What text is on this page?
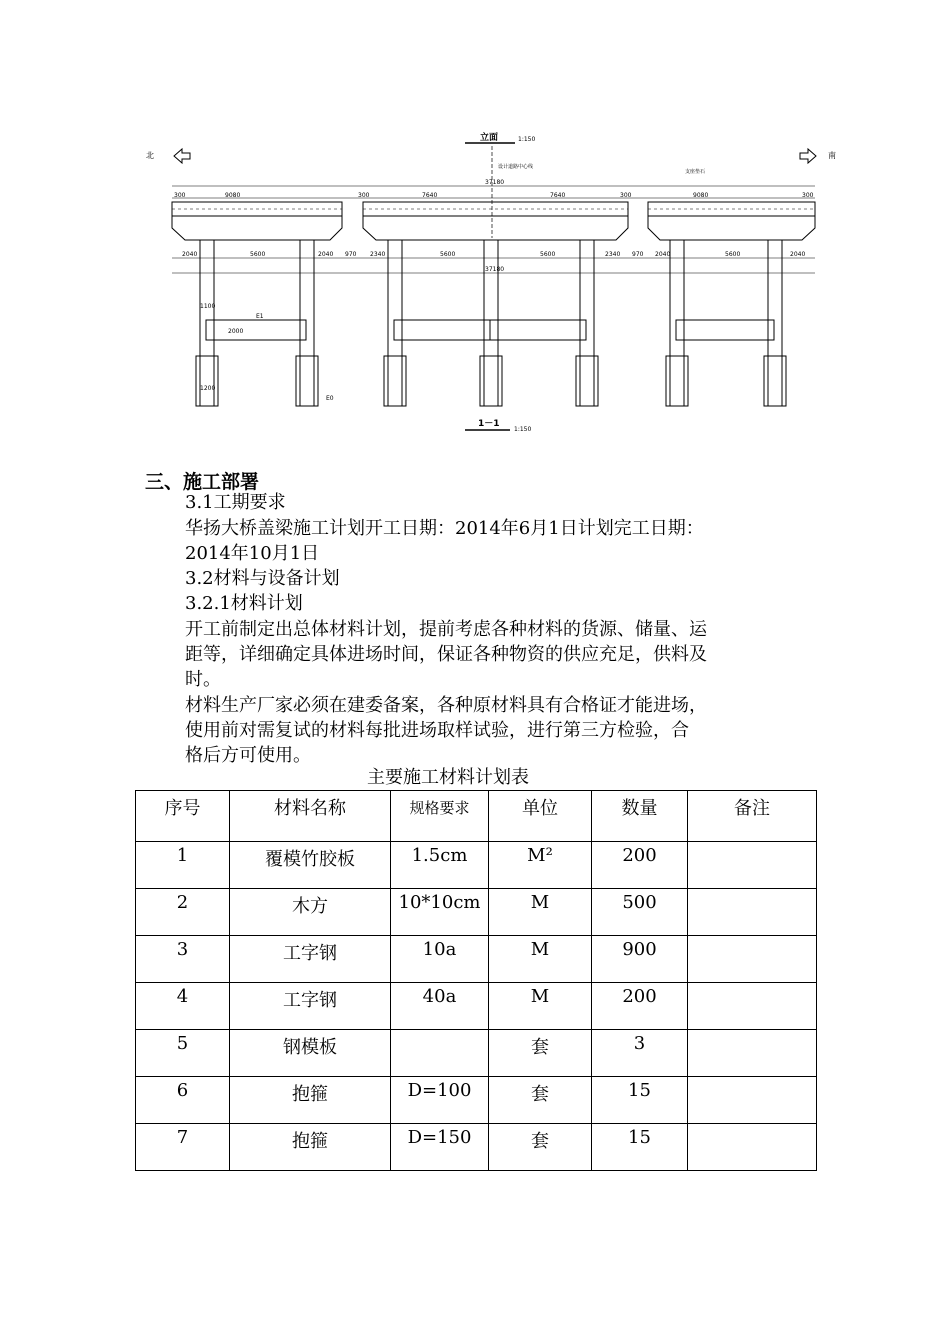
立面	1:150
北	南
设计道路中心线
支座垫石
37180
300	9080	300	7640	7640	300	9080	300
2040	5600	2040 970 2340	5600	5600	2340 970 2040	5600	2040
37180
1100
2000
1200
E0
E1
1－1
1:150
三、施工部署
3.1工期要求
华扬大桥盖梁施工计划开工日期：2014年6月1日计划完工日期：
2014年10月1日
3.2材料与设备计划
3.2.1材料计划
开工前制定出总体材料计划，提前考虑各种材料的货源、储量、运
距等，详细确定具体进场时间，保证各种物资的供应充足，供料及
时。
材料生产厂家必须在建委备案，各种原材料具有合格证才能进场，
使用前对需复试的材料每批进场取样试验，进行第三方检验，合
格后方可使用。
主要施工材料计划表
序号	材料名称	规格要求	单位	数量	备注
1	覆模竹胶板	1.5cm	M²	200	
2	木方	10*10cm	M	500	
3	工字钢	10a	M	900	
4	工字钢	40a	M	200	
5	钢模板		套	3	
6	抱箍	D=100	套	15	
7	抱箍	D=150	套	15	
